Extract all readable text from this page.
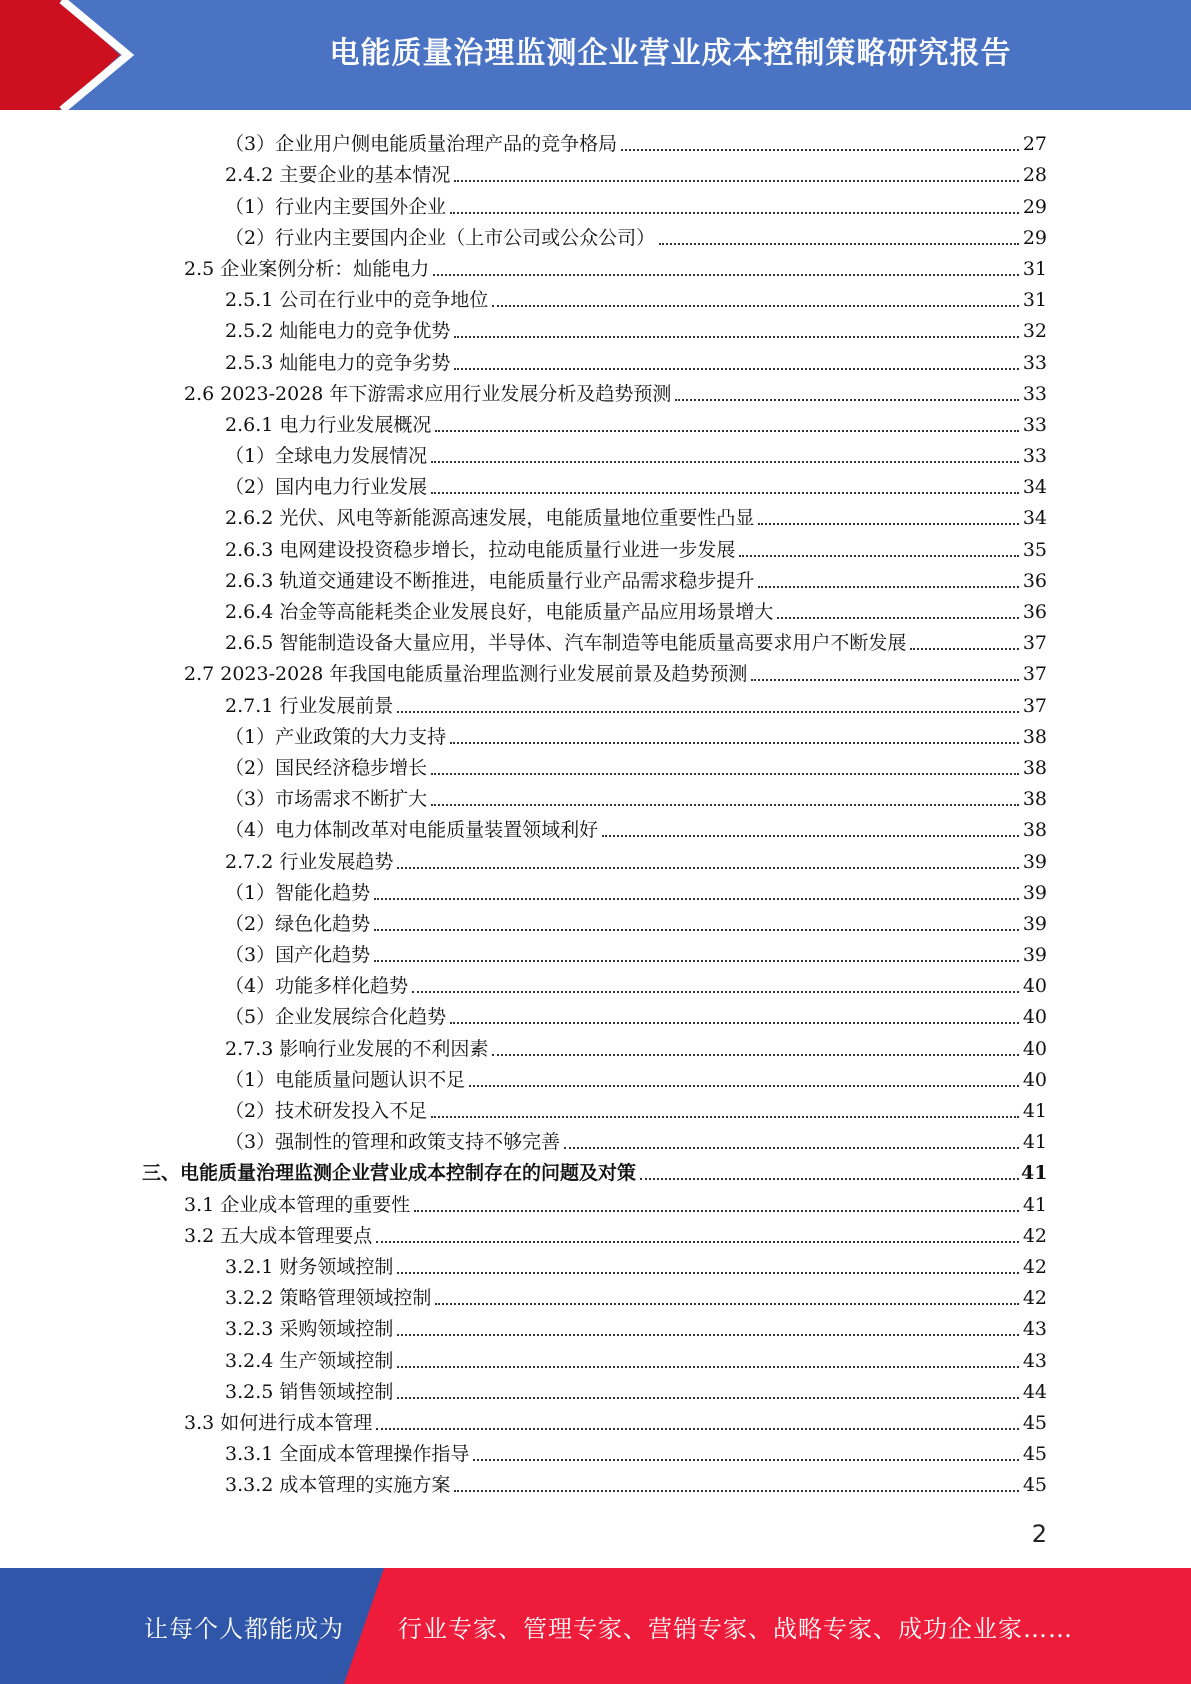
电能质量治理监测企业营业成本控制策略研究报告
（3）企业用户侧电能质量治理产品的竞争格局	27
2.4.2 主要企业的基本情况	28
（1）行业内主要国外企业	29
（2）行业内主要国内企业（上市公司或公众公司）	29
2.5 企业案例分析：灿能电力	31
2.5.1 公司在行业中的竞争地位	31
2.5.2 灿能电力的竞争优势	32
2.5.3 灿能电力的竞争劣势	33
2.6 2023-2028 年下游需求应用行业发展分析及趋势预测	33
2.6.1 电力行业发展概况	33
（1）全球电力发展情况	33
（2）国内电力行业发展	34
2.6.2 光伏、风电等新能源高速发展，电能质量地位重要性凸显	34
2.6.3 电网建设投资稳步增长，拉动电能质量行业进一步发展	35
2.6.3 轨道交通建设不断推进，电能质量行业产品需求稳步提升	36
2.6.4 冶金等高能耗类企业发展良好，电能质量产品应用场景增大	36
2.6.5 智能制造设备大量应用，半导体、汽车制造等电能质量高要求用户不断发展	37
2.7 2023-2028 年我国电能质量治理监测行业发展前景及趋势预测	37
2.7.1 行业发展前景	37
（1）产业政策的大力支持	38
（2）国民经济稳步增长	38
（3）市场需求不断扩大	38
（4）电力体制改革对电能质量装置领域利好	38
2.7.2 行业发展趋势	39
（1）智能化趋势	39
（2）绿色化趋势	39
（3）国产化趋势	39
（4）功能多样化趋势	40
（5）企业发展综合化趋势	40
2.7.3 影响行业发展的不利因素	40
（1）电能质量问题认识不足	40
（2）技术研发投入不足	41
（3）强制性的管理和政策支持不够完善	41
三、电能质量治理监测企业营业成本控制存在的问题及对策	41
3.1 企业成本管理的重要性	41
3.2 五大成本管理要点	42
3.2.1 财务领域控制	42
3.2.2 策略管理领域控制	42
3.2.3 采购领域控制	43
3.2.4 生产领域控制	43
3.2.5 销售领域控制	44
3.3 如何进行成本管理	45
3.3.1 全面成本管理操作指导	45
3.3.2 成本管理的实施方案	45
2
让每个人都能成为 行业专家、管理专家、营销专家、战略专家、成功企业家……
